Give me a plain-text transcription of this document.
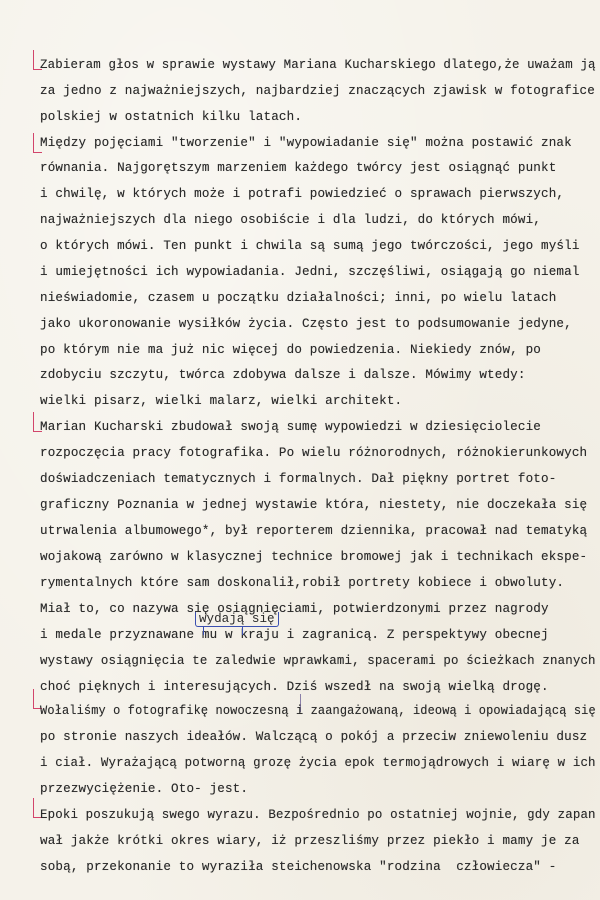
Zabieram głos w sprawie wystawy Mariana Kucharskiego dlatego,że uważam ją

za jedno z najważniejszych, najbardziej znaczących zjawisk w fotografice

polskiej w ostatnich kilku latach.

Między pojęciami "tworzenie" i "wypowiadanie się" można postawić znak

równania. Najgorętszym marzeniem każdego twórcy jest osiągnąć punkt

i chwilę, w których może i potrafi powiedzieć o sprawach pierwszych,

najważniejszych dla niego osobiście i dla ludzi, do których mówi,

o których mówi. Ten punkt i chwila są sumą jego twórczości, jego myśli

i umiejętności ich wypowiadania. Jedni, szczęśliwi, osiągają go niemal

nieświadomie, czasem u początku działalności; inni, po wielu latach

jako ukoronowanie wysiłków życia. Często jest to podsumowanie jedyne,

po którym nie ma już nic więcej do powiedzenia. Niekiedy znów, po

zdobyciu szczytu, twórca zdobywa dalsze i dalsze. Mówimy wtedy:

wielki pisarz, wielki malarz, wielki architekt.

Marian Kucharski zbudował swoją sumę wypowiedzi w dziesięciolecie

rozpoczęcia pracy fotografika. Po wielu różnorodnych, różnokierunkowych

doświadczeniach tematycznych i formalnych. Dał piękny portret foto-

graficzny Poznania w jednej wystawie która, niestety, nie doczekała się

utrwalenia albumowego*, był reporterem dziennika, pracował nad tematyką

wojakową zarówno w klasycznej technice bromowej jak i technikach ekspe-

rymentalnych które sam doskonalił,robił portrety kobiece i obwoluty.

Miał to, co nazywa się osiągnięciami, potwierdzonymi przez nagrody

i medale przyznawane mu w kraju i zagranicą. Z perspektywy obecnej

wystawy osiągnięcia te zaledwie wprawkami, spacerami po ścieżkach znanych

choć pięknych i interesujących. Dziś wszedł na swoją wielką drogę.

wydają się

Wołaliśmy o fotografikę nowoczesną i zaangażowaną, ideową i opowiadającą się

po stronie naszych ideałów. Walczącą o pokój a przeciw zniewoleniu dusz

i ciał. Wyrażającą potworną grozę życia epok termojądrowych i wiarę w ich

przezwyciężenie. Oto- jest.

Epoki poszukują swego wyrazu. Bezpośrednio po ostatniej wojnie, gdy zapan

wał jakże krótki okres wiary, iż przeszliśmy przez piekło i mamy je za

sobą, przekonanie to wyraziła steichenowska "rodzina  człowiecza" -
